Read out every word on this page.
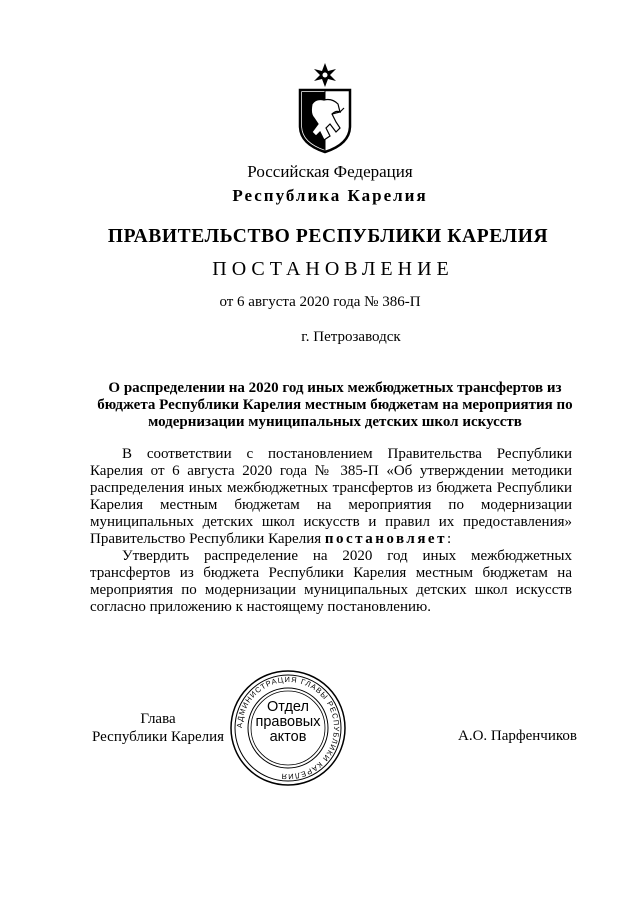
Российская Федерация
Республика Карелия
ПРАВИТЕЛЬСТВО РЕСПУБЛИКИ КАРЕЛИЯ
ПОСТАНОВЛЕНИЕ
от 6 августа 2020 года № 386-П
г. Петрозаводск
О распределении на 2020 год иных межбюджетных трансфертов из бюджета Республики Карелия местным бюджетам на мероприятия по модернизации муниципальных детских школ искусств

В соответствии с постановлением Правительства Республики Карелия от 6 августа 2020 года № 385-П «Об утверждении методики распределения иных межбюджетных трансфертов из бюджета Республики Карелия местным бюджетам на мероприятия по модернизации муниципальных детских школ искусств и правил их предоставления» Правительство Республики Карелия постановляет:

Утвердить распределение на 2020 год иных межбюджетных трансфертов из бюджета Республики Карелия местным бюджетам на мероприятия по модернизации муниципальных детских школ искусств согласно приложению к настоящему постановлению.

Глава
Республики Карелия	А.О. Парфенчиков
АДМИНИСТРАЦИЯ ГЛАВЫ РЕСПУБЛИКИ КАРЕЛИЯ
Отдел
правовых
актов
